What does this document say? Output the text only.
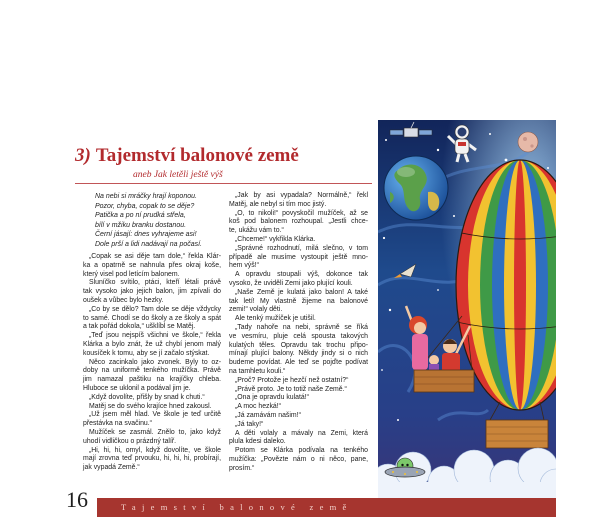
3) Tajemství balonové země
aneb Jak letěli ještě výš
Na nebi si mráčky hrají koponou.
Pozor, chyba, copak to se děje?
Patička a po ní prudká střela,
bílí v mžiku branku dostanou.
Černí jásají: dnes vyhrajeme asi!
Dole prší a lidi nadávají na počasí.
„Copak se asi děje tam dole,“ řekla Klár-
ka a opatrně se nahnula přes okraj koše,
který visel pod letícím balonem.
Sluníčko svítilo, ptáci, kteří létali právě
tak vysoko jako jejich balon, jim zpívali do
oušek a vůbec bylo hezky.
„Co by se dělo? Tam dole se děje vždycky
to samé. Chodí se do školy a ze školy a spát
a tak pořád dokola,“ ušklíbl se Matěj.
„Teď jsou nejspíš všichni ve škole,“ řekla
Klárka a bylo znát, že už chybí jenom malý
kousíček k tomu, aby se jí začalo stýskat.
Něco zacinkalo jako zvonek. Byly to oz-
doby na uniformě tenkého mužíčka. Právě
jim namazal paštiku na krajíčky chleba.
Hluboce se uklonil a podával jim je.
„Když dovolíte, přišly by snad k chuti.“
Matěj se do svého krajíce hned zakousl.
„Už jsem měl hlad. Ve škole je teď určitě
přestávka na svačinu.“
Mužíček se zasmál. Znělo to, jako když
uhodí vidličkou o prázdný talíř.
„Hi, hi, hi, omyl, když dovolíte, ve škole
mají zrovna teď prvouku, hi, hi, hi, probírají,
jak vypadá Země.“
„Jak by asi vypadala? Normálně,“ řekl
Matěj, ale nebyl si tím moc jistý.
„O, to nikoli!“ povyskočil mužíček, až se
koš pod balonem rozhoupal. „Jestli chce-
te, ukážu vám to.“
„Chceme!“ vykřikla Klárka.
„Správné rozhodnutí, milá slečno, v tom
případě ale musíme vystoupit ještě mno-
hem výš!“
A opravdu stoupali výš, dokonce tak
vysoko, že uviděli Zemi jako plující kouli.
„Naše Země je kulatá jako balon! A také
tak letí! My vlastně žijeme na balonové
zemi!“ volaly děti.
Ale tenký mužíček je utišil.
„Tady nahoře na nebi, správně se říká
ve vesmíru, pluje celá spousta takových
kulatých těles. Opravdu tak trochu připo-
mínají plující balony. Někdy jindy si o nich
budeme povídat. Ale teď se pojďte podívat
na tamhletu kouli.“
„Proč? Protože je hezčí než ostatní?“
„Právě proto. Je to totiž naše Země.“
„Ona je opravdu kulatá!“
„A moc hezká!“
„Já zamávám našim!“
„Já taky!“
A děti volaly a mávaly na Zemi, která
plula kdesi daleko.
Potom se Klárka podívala na tenkého
mužíčka: „Povězte nám o ni něco, pane,
prosím.“
16	Tajemství balonové země
